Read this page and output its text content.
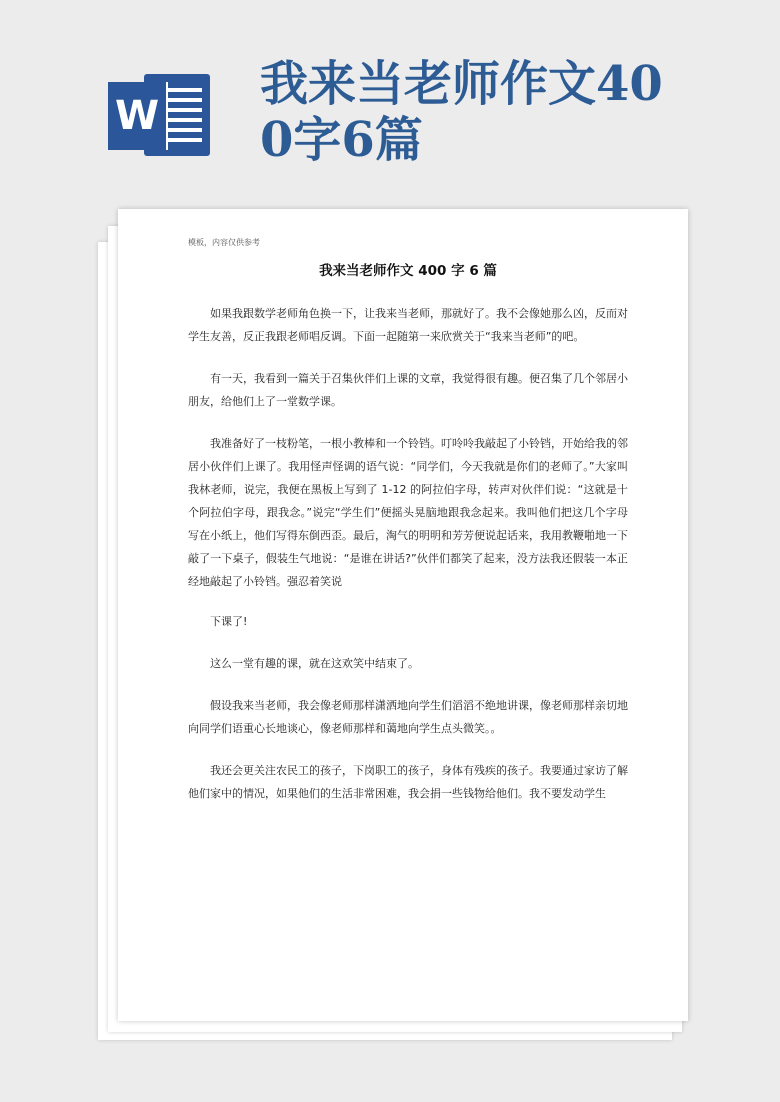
W
我来当老师作文400字6篇

模板，内容仅供参考

我来当老师作文 400 字 6 篇

如果我跟数学老师角色换一下，让我来当老师，那就好了。我不会像她那么凶，反而对学生友善，反正我跟老师唱反调。下面一起随第一来欣赏关于“我来当老师”的吧。

有一天，我看到一篇关于召集伙伴们上课的文章，我觉得很有趣。便召集了几个邻居小朋友，给他们上了一堂数学课。

我准备好了一枝粉笔，一根小教棒和一个铃铛。叮呤呤我敲起了小铃铛，开始给我的邻居小伙伴们上课了。我用怪声怪调的语气说：“同学们，今天我就是你们的老师了。”大家叫我林老师，说完，我便在黑板上写到了 1-12 的阿拉伯字母，转声对伙伴们说：“这就是十个阿拉伯字母，跟我念。”说完“学生们”便摇头晃脑地跟我念起来。我叫他们把这几个字母写在小纸上，他们写得东倒西歪。最后，淘气的明明和芳芳便说起话来，我用教鞭啪地一下敲了一下桌子，假装生气地说：“是谁在讲话?”伙伴们都笑了起来，没方法我还假装一本正经地敲起了小铃铛。强忍着笑说

下课了!

这么一堂有趣的课，就在这欢笑中结束了。

假设我来当老师，我会像老师那样潇洒地向学生们滔滔不绝地讲课，像老师那样亲切地向同学们语重心长地谈心，像老师那样和蔼地向学生点头微笑。。

我还会更关注农民工的孩子，下岗职工的孩子，身体有残疾的孩子。我要通过家访了解他们家中的情况，如果他们的生活非常困难，我会捐一些钱物给他们。我不要发动学生
